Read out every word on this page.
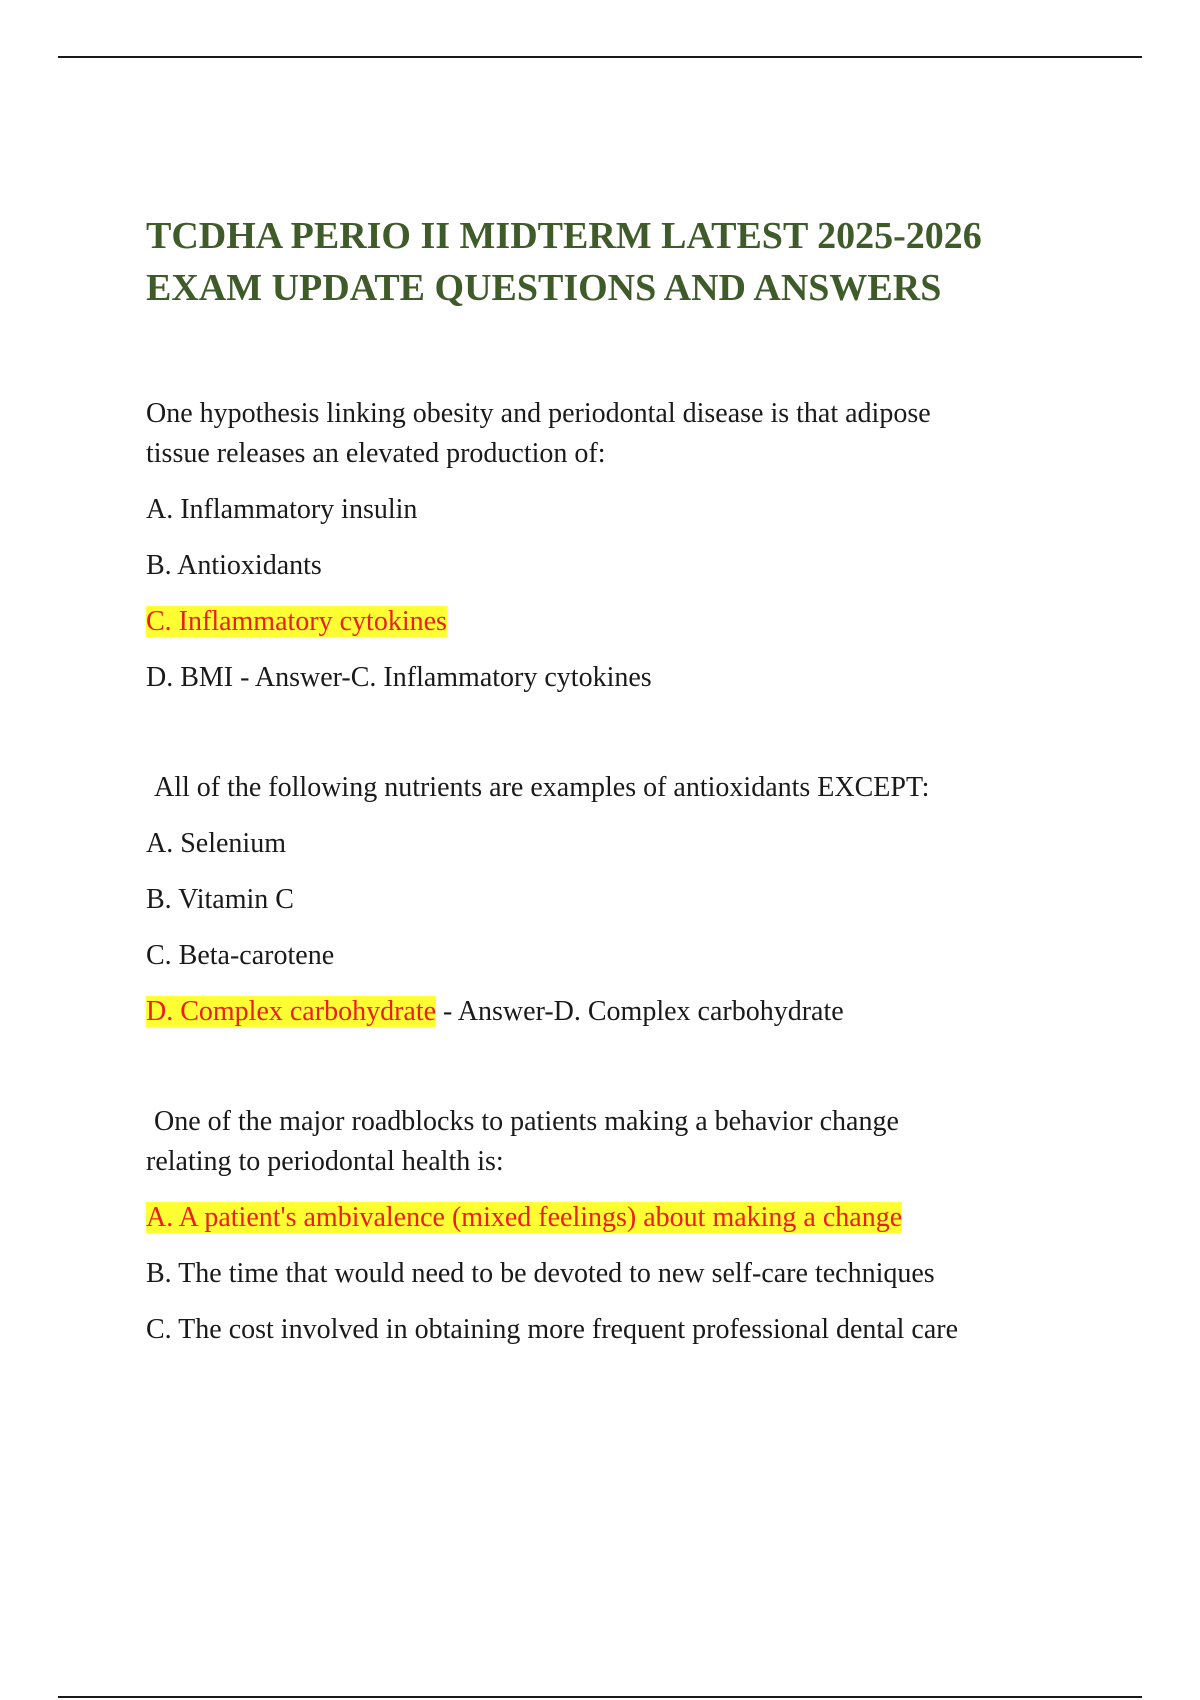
TCDHA PERIO II MIDTERM LATEST 2025-2026
EXAM UPDATE QUESTIONS AND ANSWERS

One hypothesis linking obesity and periodontal disease is that adipose
tissue releases an elevated production of:

A. Inflammatory insulin

B. Antioxidants

C. Inflammatory cytokines

D. BMI - Answer-C. Inflammatory cytokines

All of the following nutrients are examples of antioxidants EXCEPT:

A. Selenium

B. Vitamin C

C. Beta-carotene

D. Complex carbohydrate - Answer-D. Complex carbohydrate

One of the major roadblocks to patients making a behavior change
relating to periodontal health is:

A. A patient's ambivalence (mixed feelings) about making a change

B. The time that would need to be devoted to new self-care techniques

C. The cost involved in obtaining more frequent professional dental care
